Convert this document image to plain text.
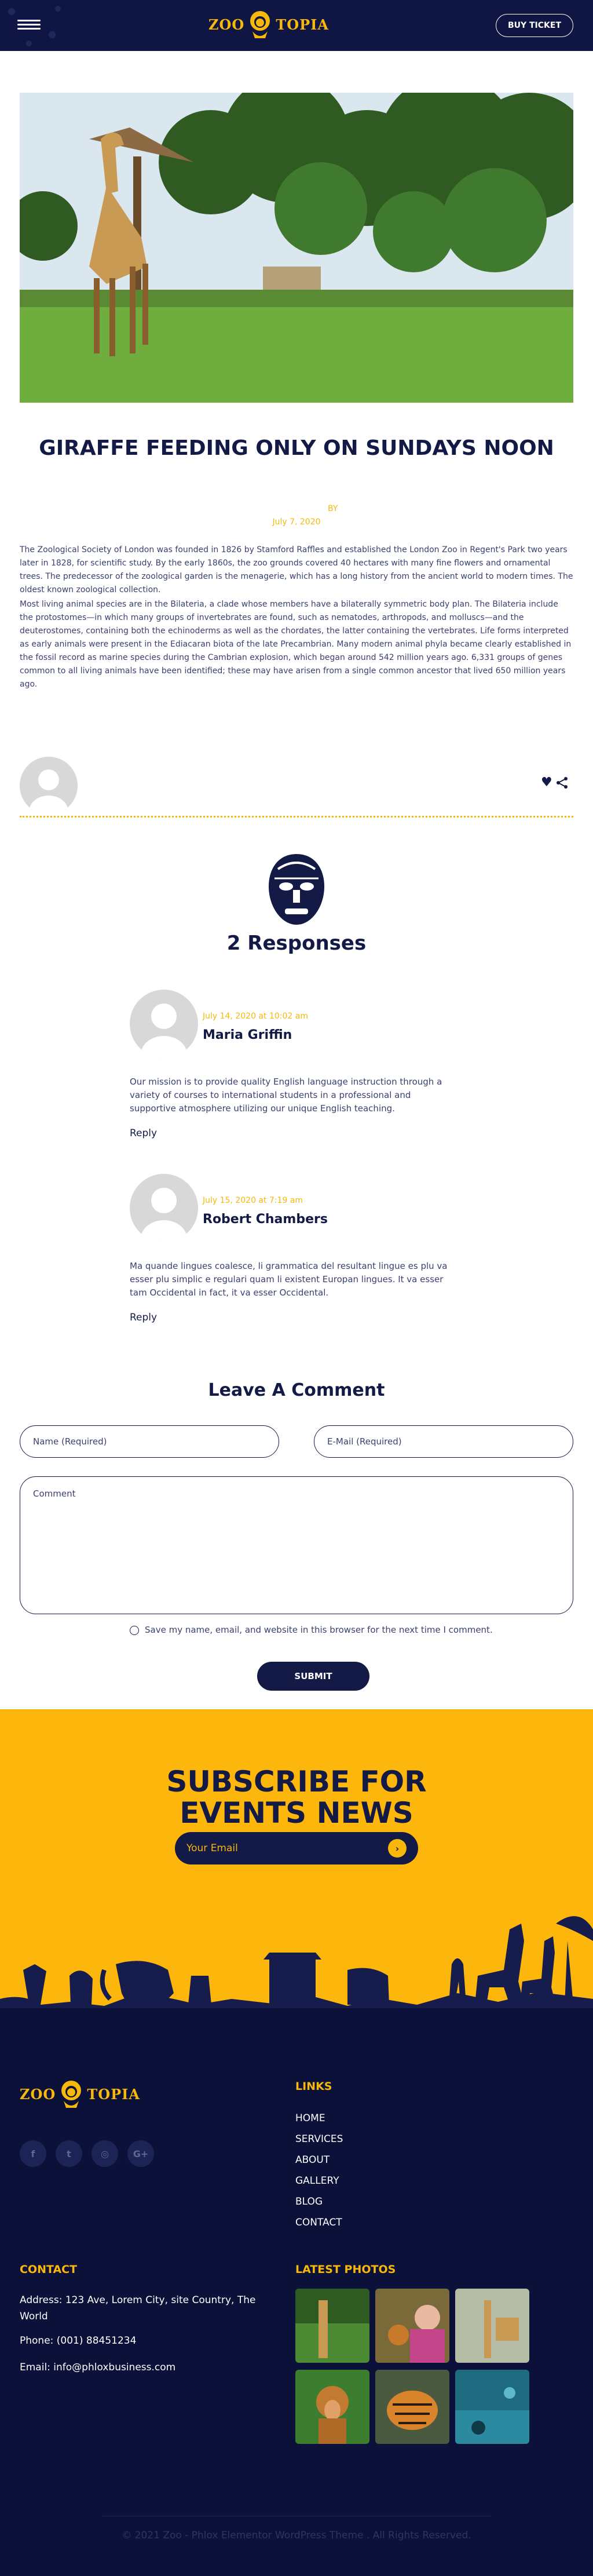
ZOO TOPIA	BUY TICKET
GIRAFFE FEEDING ONLY ON SUNDAYS NOON
BY
July 7, 2020

The Zoological Society of London was founded in 1826 by Stamford Raffles and established the London Zoo in Regent's Park two years later in 1828, for scientific study. By the early 1860s, the zoo grounds covered 40 hectares with many fine flowers and ornamental trees. The predecessor of the zoological garden is the menagerie, which has a long history from the ancient world to modern times. The oldest known zoological collection.

Most living animal species are in the Bilateria, a clade whose members have a bilaterally symmetric body plan. The Bilateria include the protostomes—in which many groups of invertebrates are found, such as nematodes, arthropods, and molluscs—and the deuterostomes, containing both the echinoderms as well as the chordates, the latter containing the vertebrates. Life forms interpreted as early animals were present in the Ediacaran biota of the late Precambrian. Many modern animal phyla became clearly established in the fossil record as marine species during the Cambrian explosion, which began around 542 million years ago. 6,331 groups of genes common to all living animals have been identified; these may have arisen from a single common ancestor that lived 650 million years ago.

♥
2 Responses
July 14, 2020 at 10:02 am
Maria Griffin

Our mission is to provide quality English language instruction through a variety of courses to international students in a professional and supportive atmosphere utilizing our unique English teaching.

Reply
July 15, 2020 at 7:19 am
Robert Chambers

Ma quande lingues coalesce, li grammatica del resultant lingue es plu va esser plu simplic e regulari quam li existent Europan lingues. It va esser tam Occidental in fact, it va esser Occidental.

Reply
Leave A Comment
Name (Required)	E-Mail (Required)
Comment
Save my name, email, and website in this browser for the next time I comment.
SUBMIT
SUBSCRIBE FOR
EVENTS NEWS
Your Email	›
ZOO TOPIA
f	t	◎	G+
LINKS
HOME
SERVICES
ABOUT
GALLERY
BLOG
CONTACT
CONTACT
Address: 123 Ave, Lorem City, site Country, The World
Phone: (001) 88451234
Email: info@phloxbusiness.com
LATEST PHOTOS
© 2021 Zoo - Phlox Elementor WordPress Theme . All Rights Reserved.
